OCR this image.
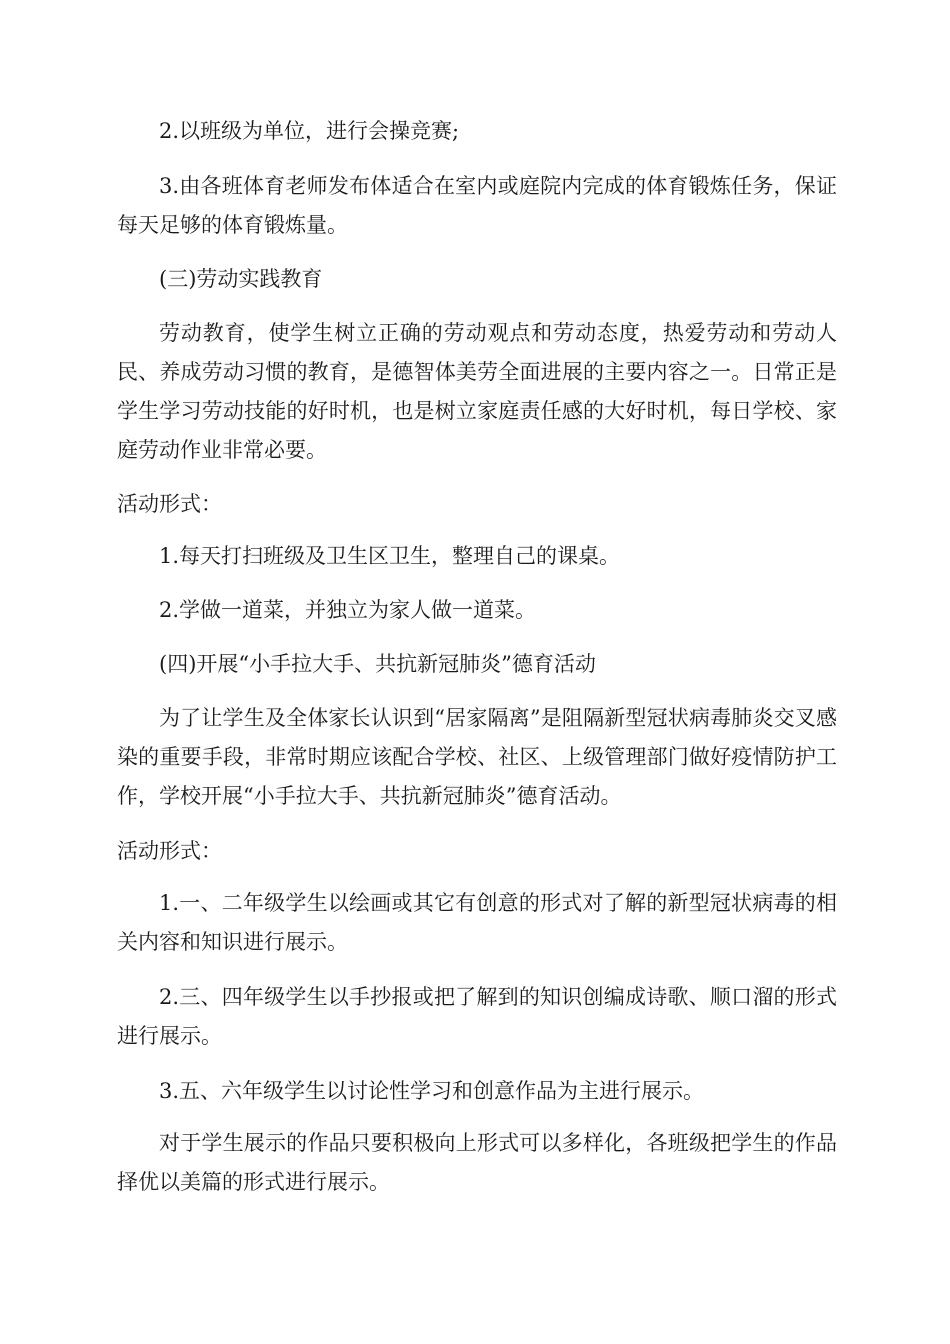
2.以班级为单位，进行会操竞赛;

3.由各班体育老师发布体适合在室内或庭院内完成的体育锻炼任务，保证每天足够的体育锻炼量。

(三)劳动实践教育

劳动教育，使学生树立正确的劳动观点和劳动态度，热爱劳动和劳动人民、养成劳动习惯的教育，是德智体美劳全面进展的主要内容之一。日常正是学生学习劳动技能的好时机，也是树立家庭责任感的大好时机，每日学校、家庭劳动作业非常必要。

活动形式：

1.每天打扫班级及卫生区卫生，整理自己的课桌。

2.学做一道菜，并独立为家人做一道菜。

(四)开展“小手拉大手、共抗新冠肺炎”德育活动

为了让学生及全体家长认识到“居家隔离”是阻隔新型冠状病毒肺炎交叉感染的重要手段，非常时期应该配合学校、社区、上级管理部门做好疫情防护工作，学校开展“小手拉大手、共抗新冠肺炎”德育活动。

活动形式：

1.一、二年级学生以绘画或其它有创意的形式对了解的新型冠状病毒的相关内容和知识进行展示。

2.三、四年级学生以手抄报或把了解到的知识创编成诗歌、顺口溜的形式进行展示。

3.五、六年级学生以讨论性学习和创意作品为主进行展示。

对于学生展示的作品只要积极向上形式可以多样化，各班级把学生的作品择优以美篇的形式进行展示。
